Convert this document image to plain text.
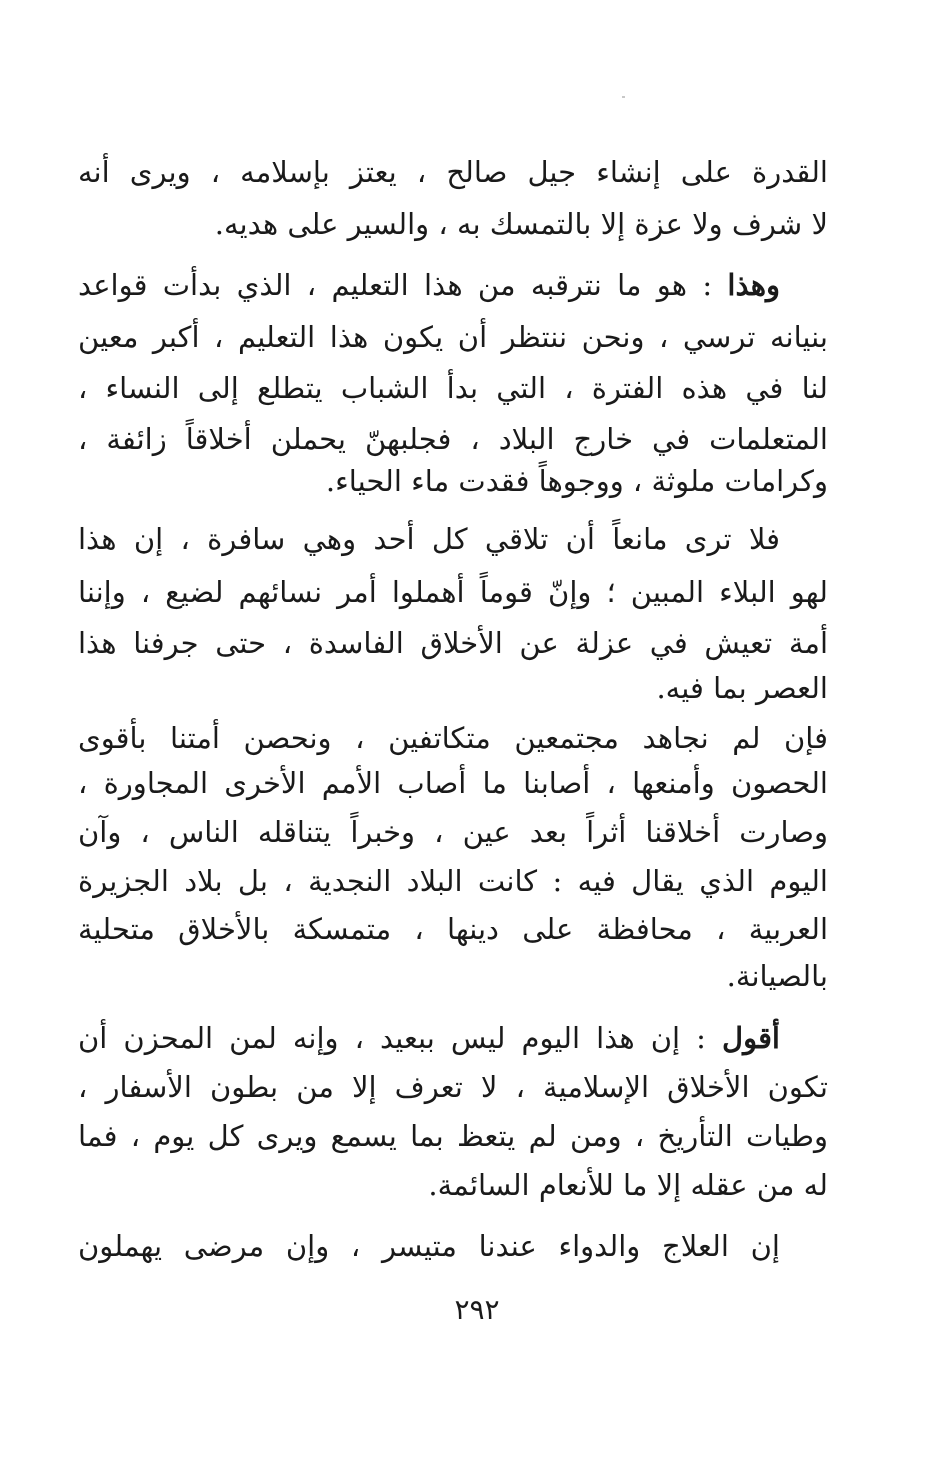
القدرة على إنشاء جيل صالح ، يعتز بإسلامه ، ويرى أنه
لا شرف ولا عزة إلا بالتمسك به ، والسير على هديه.
وهذا : هو ما نترقبه من هذا التعليم ، الذي بدأت قواعد
بنيانه ترسي ، ونحن ننتظر أن يكون هذا التعليم ، أكبر معين
لنا في هذه الفترة ، التي بدأ الشباب يتطلع إلى النساء ،
المتعلمات في خارج البلاد ، فجلبهنّ يحملن أخلاقاً زائفة ،
وكرامات ملوثة ، ووجوهاً فقدت ماء الحياء.
فلا ترى مانعاً أن تلاقي كل أحد وهي سافرة ، إن هذا
لهو البلاء المبين ؛ وإنّ قوماً أهملوا أمر نسائهم لضيع ، وإننا
أمة تعيش في عزلة عن الأخلاق الفاسدة ، حتى جرفنا هذا
العصر بما فيه.
فإن لم نجاهد مجتمعين متكاتفين ، ونحصن أمتنا بأقوى
الحصون وأمنعها ، أصابنا ما أصاب الأمم الأخرى المجاورة ،
وصارت أخلاقنا أثراً بعد عين ، وخبراً يتناقله الناس ، وآن
اليوم الذي يقال فيه : كانت البلاد النجدية ، بل بلاد الجزيرة
العربية ، محافظة على دينها ، متمسكة بالأخلاق متحلية
بالصيانة.
أقول : إن هذا اليوم ليس ببعيد ، وإنه لمن المحزن أن
تكون الأخلاق الإسلامية ، لا تعرف إلا من بطون الأسفار ،
وطيات التأريخ ، ومن لم يتعظ بما يسمع ويرى كل يوم ، فما
له من عقله إلا ما للأنعام السائمة.
إن العلاج والدواء عندنا متيسر ، وإن مرضى يهملون
٢٩٢
